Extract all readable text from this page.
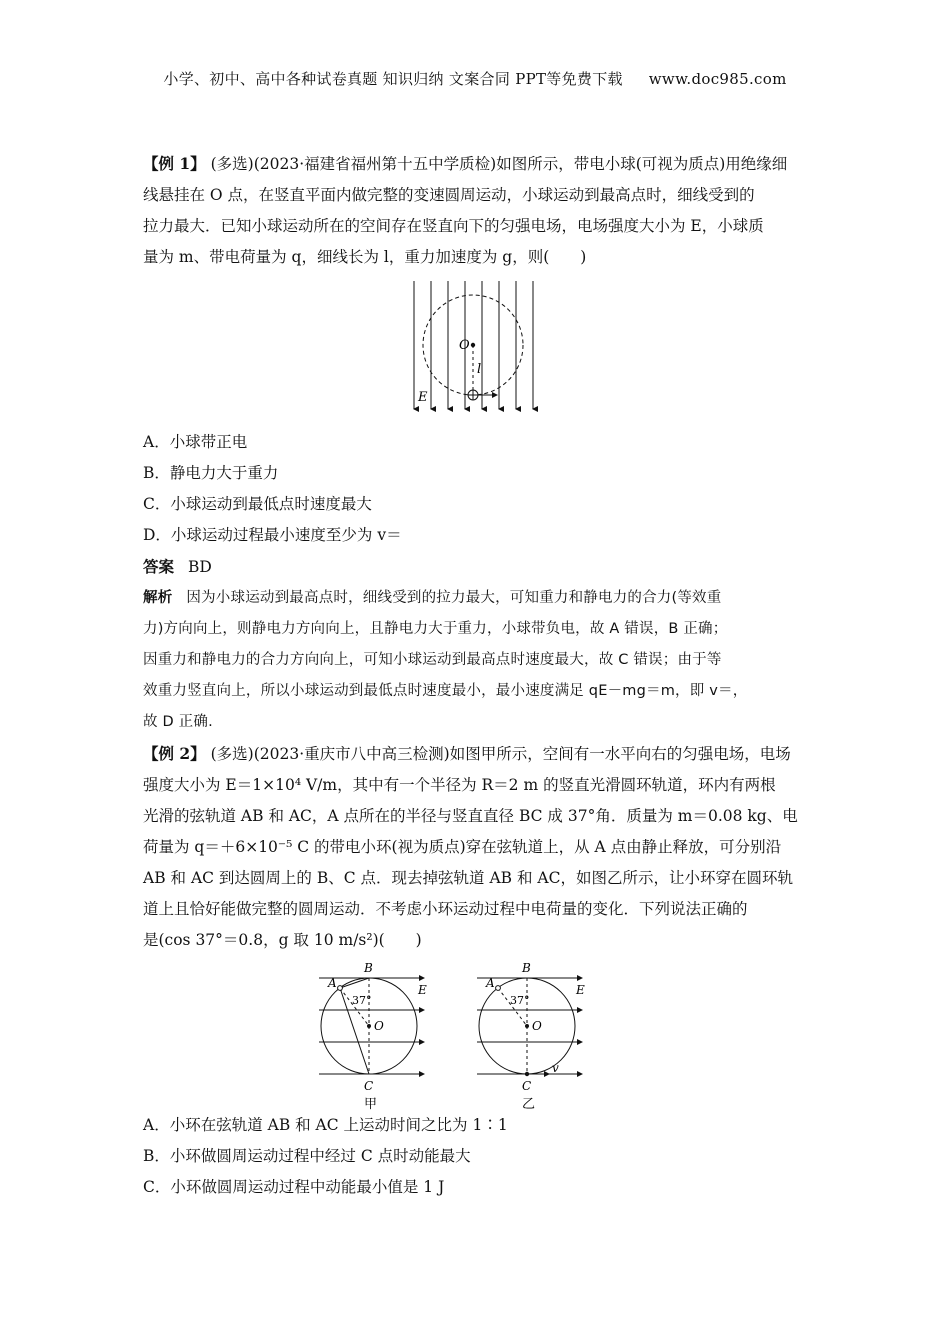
小学、初中、高中各种试卷真题 知识归纳 文案合同 PPT等免费下载 www.doc985.com
【例 1】 (多选)(2023·福建省福州第十五中学质检)如图所示，带电小球(可视为质点)用绝缘细
线悬挂在 O 点，在竖直平面内做完整的变速圆周运动，小球运动到最高点时，细线受到的
拉力最大．已知小球运动所在的空间存在竖直向下的匀强电场，电场强度大小为 E，小球质
量为 m、带电荷量为 q，细线长为 l，重力加速度为 g，则(　　)
O
l
E
A．小球带正电
B．静电力大于重力
C．小球运动到最低点时速度最大
D．小球运动过程最小速度至少为 v＝
答案 BD
解析 因为小球运动到最高点时，细线受到的拉力最大，可知重力和静电力的合力(等效重
力)方向向上，则静电力方向向上，且静电力大于重力，小球带负电，故 A 错误，B 正确；
因重力和静电力的合力方向向上，可知小球运动到最高点时速度最大，故 C 错误；由于等
效重力竖直向上，所以小球运动到最低点时速度最小，最小速度满足 qE－mg＝m，即 v＝，
故 D 正确.
【例 2】 (多选)(2023·重庆市八中高三检测)如图甲所示，空间有一水平向右的匀强电场，电场
强度大小为 E＝1×10⁴ V/m，其中有一个半径为 R＝2 m 的竖直光滑圆环轨道，环内有两根
光滑的弦轨道 AB 和 AC，A 点所在的半径与竖直直径 BC 成 37°角．质量为 m＝0.08 kg、电
荷量为 q＝＋6×10⁻⁵ C 的带电小环(视为质点)穿在弦轨道上，从 A 点由静止释放，可分别沿
AB 和 AC 到达圆周上的 B、C 点．现去掉弦轨道 AB 和 AC，如图乙所示，让小环穿在圆环轨
道上且恰好能做完整的圆周运动．不考虑小环运动过程中电荷量的变化．下列说法正确的
是(cos 37°＝0.8，g 取 10 m/s²)(　　)
B
A
37°
O
C
E
甲
B
A
37°
O
C
v
E
乙
A．小环在弦轨道 AB 和 AC 上运动时间之比为 1∶1
B．小环做圆周运动过程中经过 C 点时动能最大
C．小环做圆周运动过程中动能最小值是 1 J
